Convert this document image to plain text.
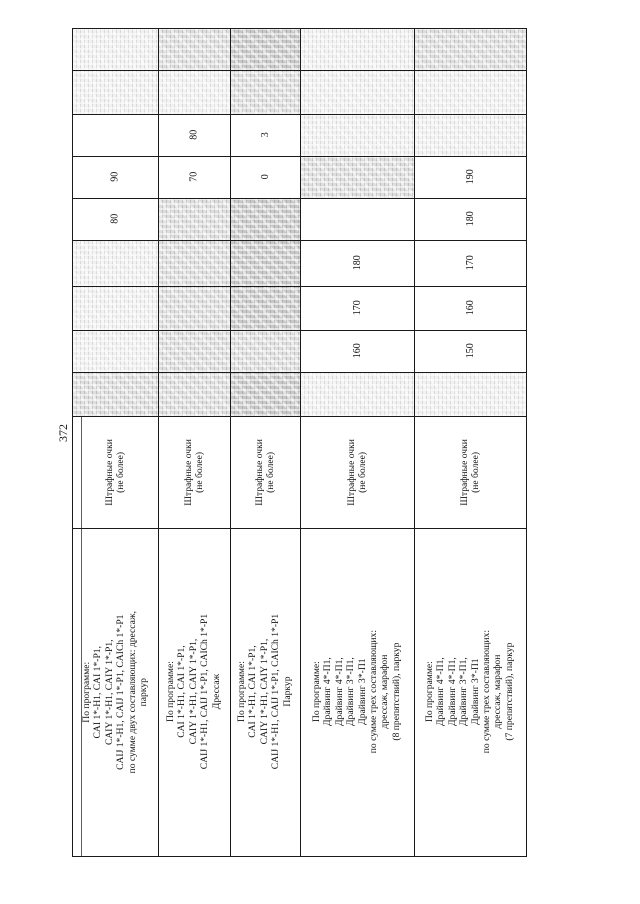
372
По программе: CAI 1*-H1, CAI 1*-P1, CAIY 1*-H1, CAIY 1*-P1, CAIJ 1*-H1, CAIJ 1*-P1, CAICh 1*-P1 по сумме двух составляющих: дрессаж, паркур
Штрафные очки (не более)
80
90
По программе: CAI 1*-H1, CAI 1*-P1, CAIY 1*-H1, CAIY 1*-P1, CAIJ 1*-H1, CAIJ 1*-P1, CAICh 1*-P1 Дрессаж
Штрафные очки (не более)
70
80
По программе: CAI 1*-H1, CAI 1*-P1, CAIY 1*-H1, CAIY 1*-P1, CAIJ 1*-H1, CAIJ 1*-P1, CAICh 1*-P1 Паркур
Штрафные очки (не более)
0
3
По программе: Драйвинг 4*-П1, Драйвинг 4*-П1, Драйвинг 3*-П1, Драйвинг 3*-П1 по сумме трех составляющих: дрессаж, марафон (8 препятствий), паркур
Штрафные очки (не более)
160
170
180
По программе: Драйвинг 4*-П1, Драйвинг 4*-П1, Драйвинг 3*-П1, Драйвинг 3*-П1 по сумме трех составляющих: дрессаж, марафон (7 препятствий), паркур
Штрафные очки (не более)
150
160
170
180
190
